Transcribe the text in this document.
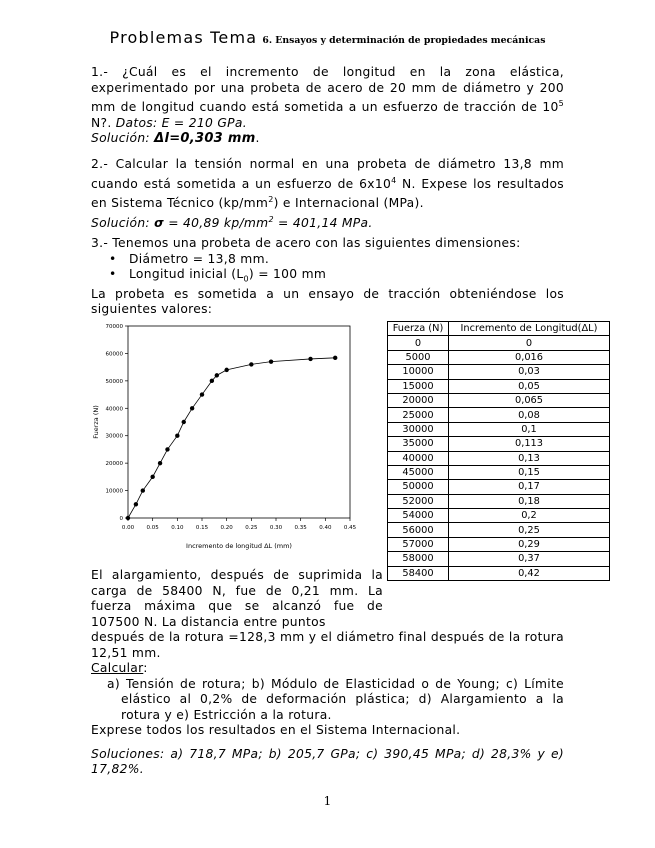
Problemas Tema 6. Ensayos y determinación de propiedades mecánicas

1.- ¿Cuál es el incremento de longitud en la zona elástica, experimentado por una probeta de acero de 20 mm de diámetro y 200 mm de longitud cuando está sometida a un esfuerzo de tracción de $10^5$ N?. Datos: E = 210 GPa.

Solución: Δl=0,303 mm.

2.- Calcular la tensión normal en una probeta de diámetro 13,8 mm cuando está sometida a un esfuerzo de $6x10^4$ N. Expese los resultados en Sistema Técnico $(kp/mm^2)$ e Internacional (MPa).

Solución: σ = 40,89 $kp/mm^2 = 401,14$ MPa.

3.- Tenemos una probeta de acero con las siguientes dimensiones:

• Diámetro = 13,8 mm.
• Longitud inicial $(L_0) = 100$ mm

La probeta es sometida a un ensayo de tracción obteniéndose los siguientes valores:

0
10000
20000
30000
40000
50000
60000
70000
0.00 0.05 0.10 0.15 0.20 0.25 0.30 0.35 0.40 0.45
Incremento de longitud ΔL (mm)
Fuerza (N)
Fuerza (N)	Incremento de Longitud(ΔL)
0	0
5000	0,016
10000	0,03
15000	0,05
20000	0,065
25000	0,08
30000	0,1
35000	0,113
40000	0,13
45000	0,15
50000	0,17
52000	0,18
54000	0,2
56000	0,25
57000	0,29
58000	0,37
58400	0,42

El alargamiento, después de suprimida la carga de 58400 N, fue de 0,21 mm. La fuerza máxima que se alcanzó fue de 107500 N. La distancia entre puntos

después de la rotura =128,3 mm y el diámetro final después de la rotura 12,51 mm.

Calcular:

a) Tensión de rotura; b) Módulo de Elasticidad o de Young; c) Límite elástico al 0,2% de deformación plástica; d) Alargamiento a la rotura y e) Estricción a la rotura.

Exprese todos los resultados en el Sistema Internacional.

Soluciones: a) 718,7 MPa; b) 205,7 GPa; c) 390,45 MPa; d) 28,3% y e) 17,82%.

1
